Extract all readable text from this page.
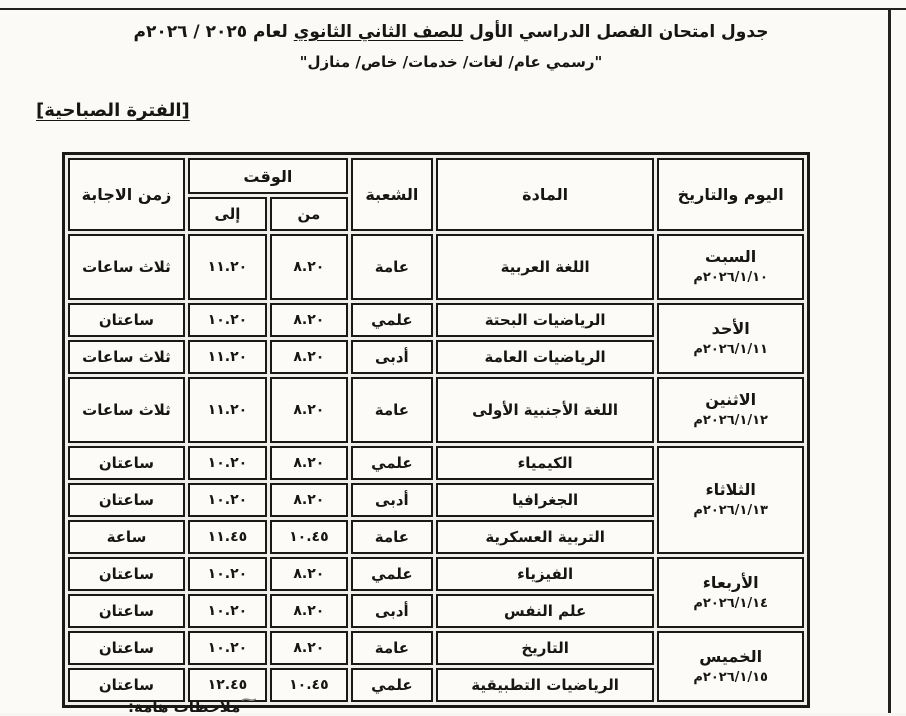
جدول امتحان الفصل الدراسي الأول للصف الثاني الثانوي لعام ٢٠٢٥ / ٢٠٢٦م
"رسمي عام/ لغات/ خدمات/ خاص/ منازل"
[الفترة الصباحية]
اليوم والتاريخ	المادة	الشعبة	الوقت		زمن الاجابة
			من	إلى	

السبت
٢٠٢٦/١/١٠م	اللغة العربية	عامة	٨.٢٠	١١.٢٠	ثلاث ساعات

الأحد
٢٠٢٦/١/١١م	الرياضيات البحتة	علمي	٨.٢٠	١٠.٢٠	ساعتان
	الرياضيات العامة	أدبى	٨.٢٠	١١.٢٠	ثلاث ساعات

الاثنين
٢٠٢٦/١/١٢م	اللغة الأجنبية الأولى	عامة	٨.٢٠	١١.٢٠	ثلاث ساعات

الثلاثاء
٢٠٢٦/١/١٣م	الكيمياء	علمي	٨.٢٠	١٠.٢٠	ساعتان
	الجغرافيا	أدبى	٨.٢٠	١٠.٢٠	ساعتان
	التربية العسكرية	عامة	١٠.٤٥	١١.٤٥	ساعة

الأربعاء
٢٠٢٦/١/١٤م	الفيزياء	علمي	٨.٢٠	١٠.٢٠	ساعتان
	علم النفس	أدبى	٨.٢٠	١٠.٢٠	ساعتان

الخميس
٢٠٢٦/١/١٥م	التاريخ	عامة	٨.٢٠	١٠.٢٠	ساعتان
	الرياضيات التطبيقية	علمي	١٠.٤٥	١٢.٤٥	ساعتان
ملاحظات هامة: ~
